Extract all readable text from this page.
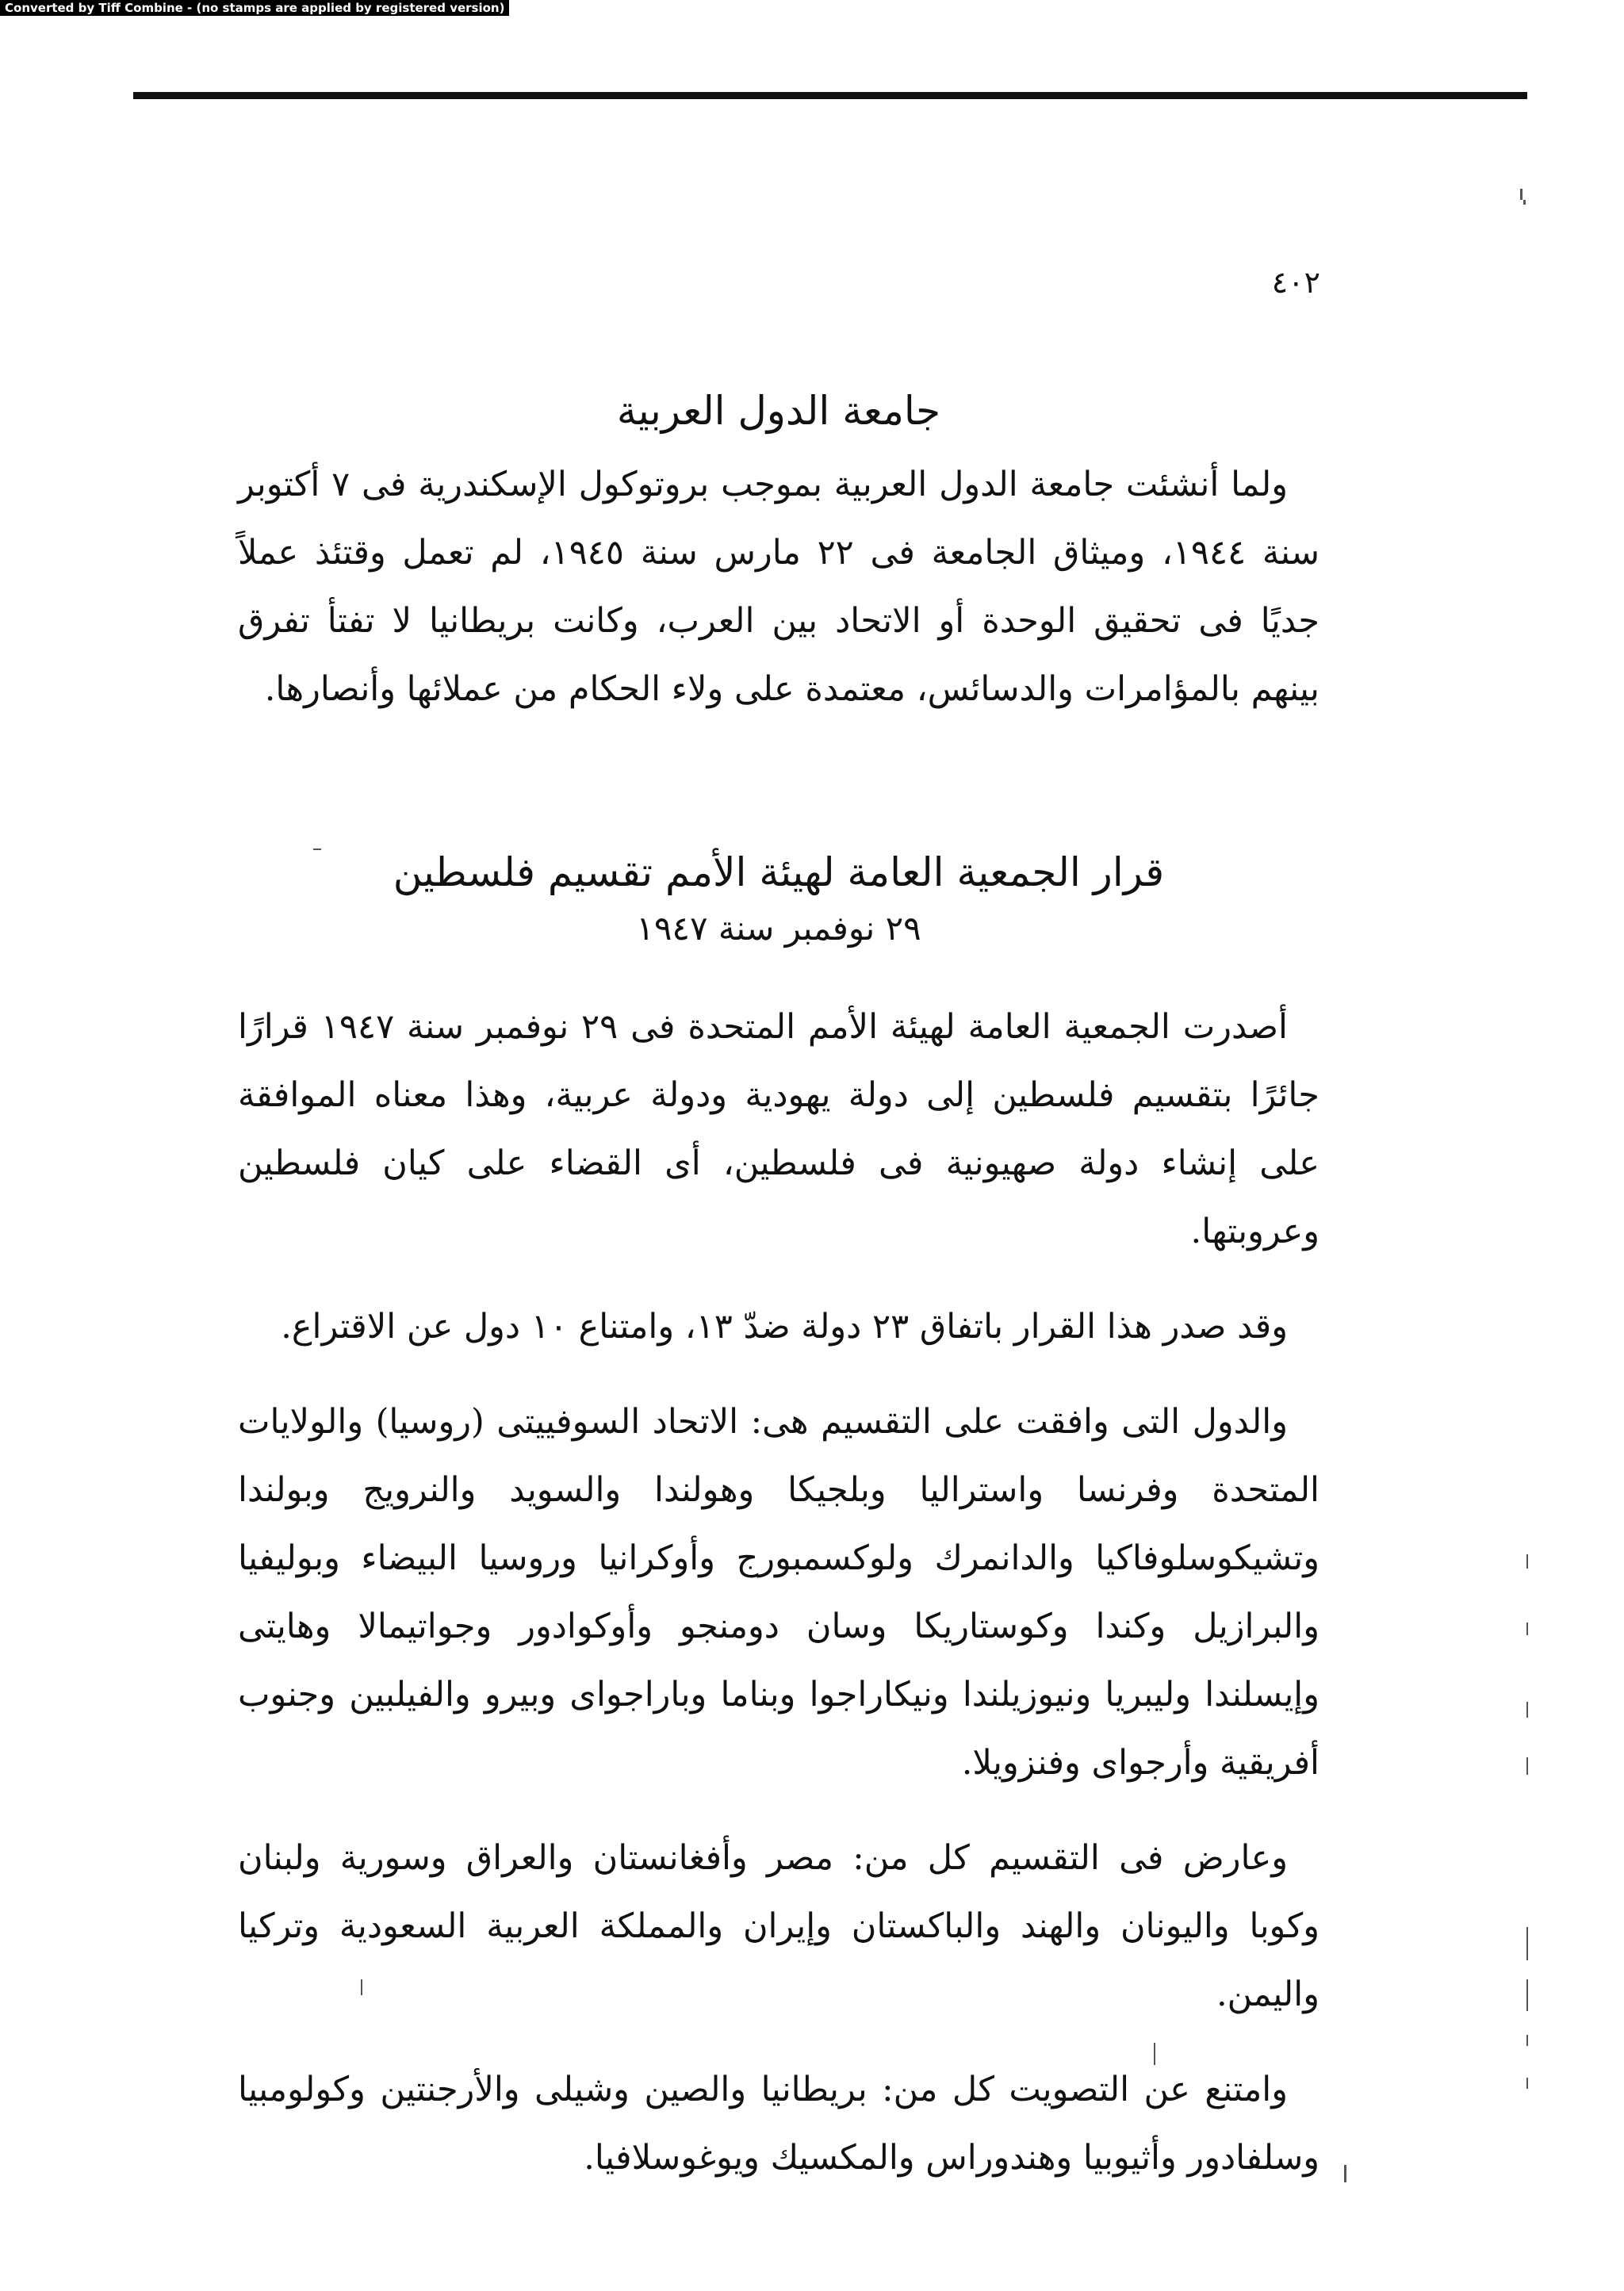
Converted by Tiff Combine - (no stamps are applied by registered version)
٤٠٢
جامعة الدول العربية

ولما أنشئت جامعة الدول العربية بموجب بروتوكول الإسكندرية فى ٧ أكتوبر سنة ١٩٤٤، وميثاق الجامعة فى ٢٢ مارس سنة ١٩٤٥، لم تعمل وقتئذ عملاً جديًا فى تحقيق الوحدة أو الاتحاد بين العرب، وكانت بريطانيا لا تفتأ تفرق بينهم بالمؤامرات والدسائس، معتمدة على ولاء الحكام من عملائها وأنصارها.

قرار الجمعية العامة لهيئة الأمم تقسيم فلسطين
٢٩ نوفمبر سنة ١٩٤٧

أصدرت الجمعية العامة لهيئة الأمم المتحدة فى ٢٩ نوفمبر سنة ١٩٤٧ قرارًا جائرًا بتقسيم فلسطين إلى دولة يهودية ودولة عربية، وهذا معناه الموافقة على إنشاء دولة صهيونية فى فلسطين، أى القضاء على كيان فلسطين وعروبتها.

وقد صدر هذا القرار باتفاق ٢٣ دولة ضدّ ١٣، وامتناع ١٠ دول عن الاقتراع.

والدول التى وافقت على التقسيم هى: الاتحاد السوفييتى (روسيا) والولايات المتحدة وفرنسا واستراليا وبلجيكا وهولندا والسويد والنرويج وبولندا وتشيكوسلوفاكيا والدانمرك ولوكسمبورج وأوكرانيا وروسيا البيضاء وبوليفيا والبرازيل وكندا وكوستاريكا وسان دومنجو وأوكوادور وجواتيمالا وهايتى وإيسلندا وليبريا ونيوزيلندا ونيكاراجوا وبناما وباراجواى وبيرو والفيلبين وجنوب أفريقية وأرجواى وفنزويلا.

وعارض فى التقسيم كل من: مصر وأفغانستان والعراق وسورية ولبنان وكوبا واليونان والهند والباكستان وإيران والمملكة العربية السعودية وتركيا واليمن.

وامتنع عن التصويت كل من: بريطانيا والصين وشيلى والأرجنتين وكولومبيا وسلفادور وأثيوبيا وهندوراس والمكسيك ويوغوسلافيا.
